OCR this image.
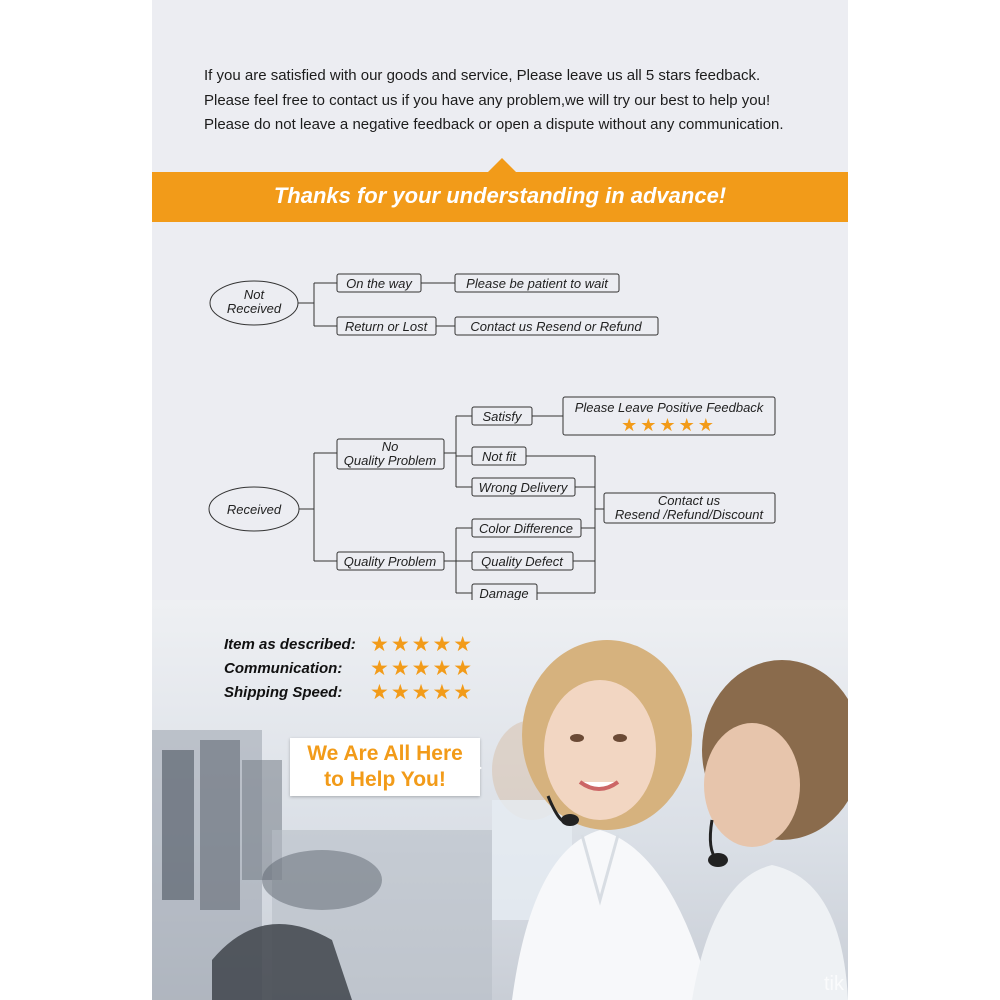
If you are satisfied with our goods and service, Please leave us all 5 stars feedback.

Please feel free to contact us if you have any problem,we will try our best to help you!

Please do not leave a negative feedback or open a dispute without any communication.

Thanks for your understanding in advance!
Not
Received
On the way	Please be patient to wait
Return or Lost	Contact us Resend or Refund
Received
No
Quality Problem
Satisfy
Please Leave Positive Feedback
★★★★★
Not fit
Wrong Delivery
Contact us
Resend /Refund/Discount
Quality Problem
Color Difference
Quality Defect
Damage
Item as described: ★★★★★
Communication:	★★★★★
Shipping Speed:	★★★★★
We Are All Here
to Help You!
tik
